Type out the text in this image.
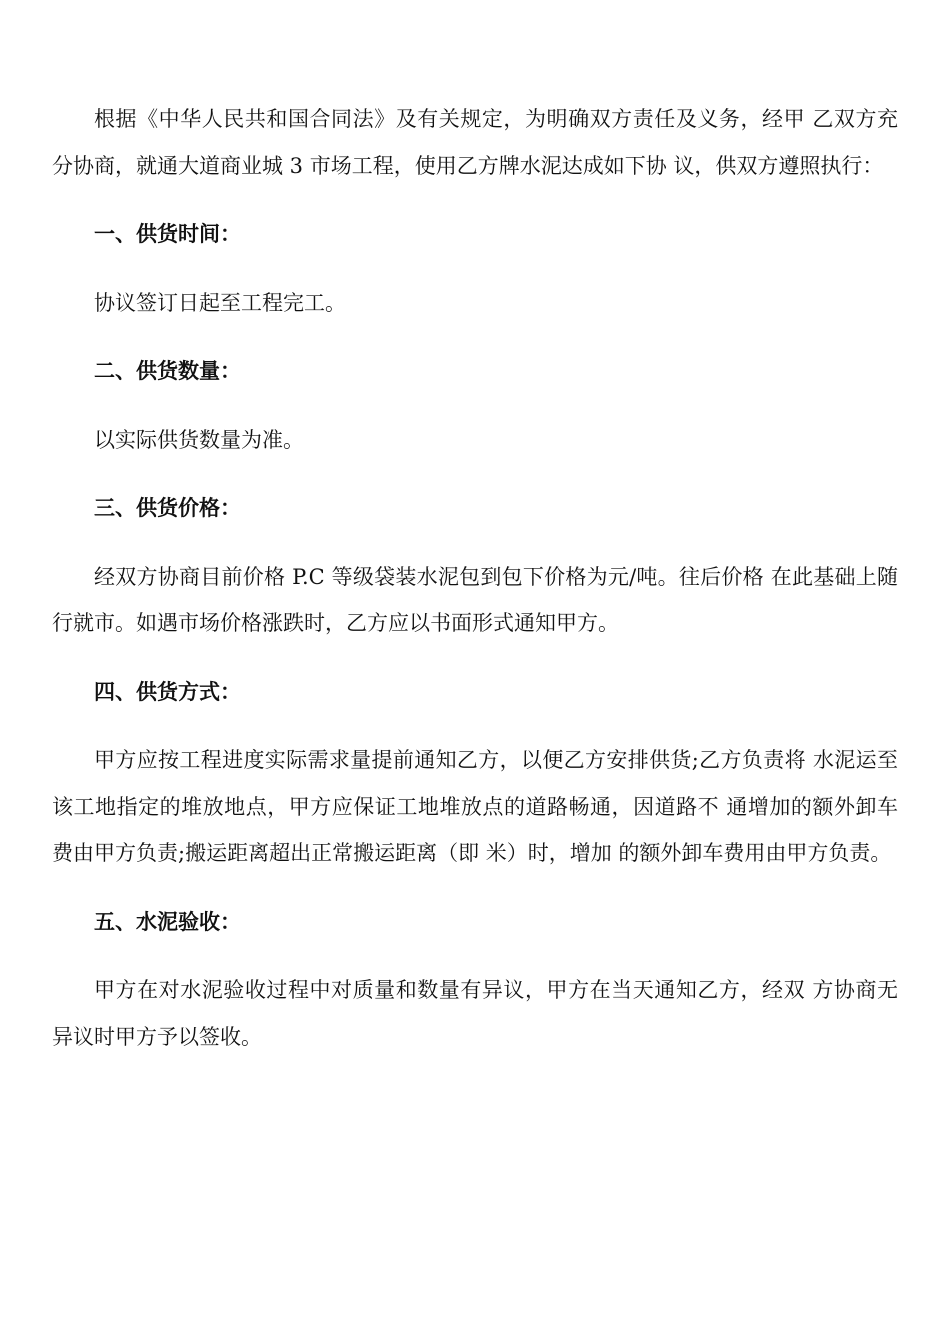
根据《中华人民共和国合同法》及有关规定，为明确双方责任及义务，经甲 乙双方充分协商，就通大道商业城 3 市场工程，使用乙方牌水泥达成如下协 议，供双方遵照执行：

一、供货时间：

协议签订日起至工程完工。

二、供货数量：

以实际供货数量为准。

三、供货价格：

经双方协商目前价格 P.C 等级袋装水泥包到包下价格为元/吨。往后价格 在此基础上随行就市。如遇市场价格涨跌时，乙方应以书面形式通知甲方。

四、供货方式：

甲方应按工程进度实际需求量提前通知乙方，以便乙方安排供货;乙方负责将 水泥运至该工地指定的堆放地点，甲方应保证工地堆放点的道路畅通，因道路不 通增加的额外卸车费由甲方负责;搬运距离超出正常搬运距离（即 米）时，增加 的额外卸车费用由甲方负责。

五、水泥验收：

甲方在对水泥验收过程中对质量和数量有异议，甲方在当天通知乙方，经双 方协商无异议时甲方予以签收。
